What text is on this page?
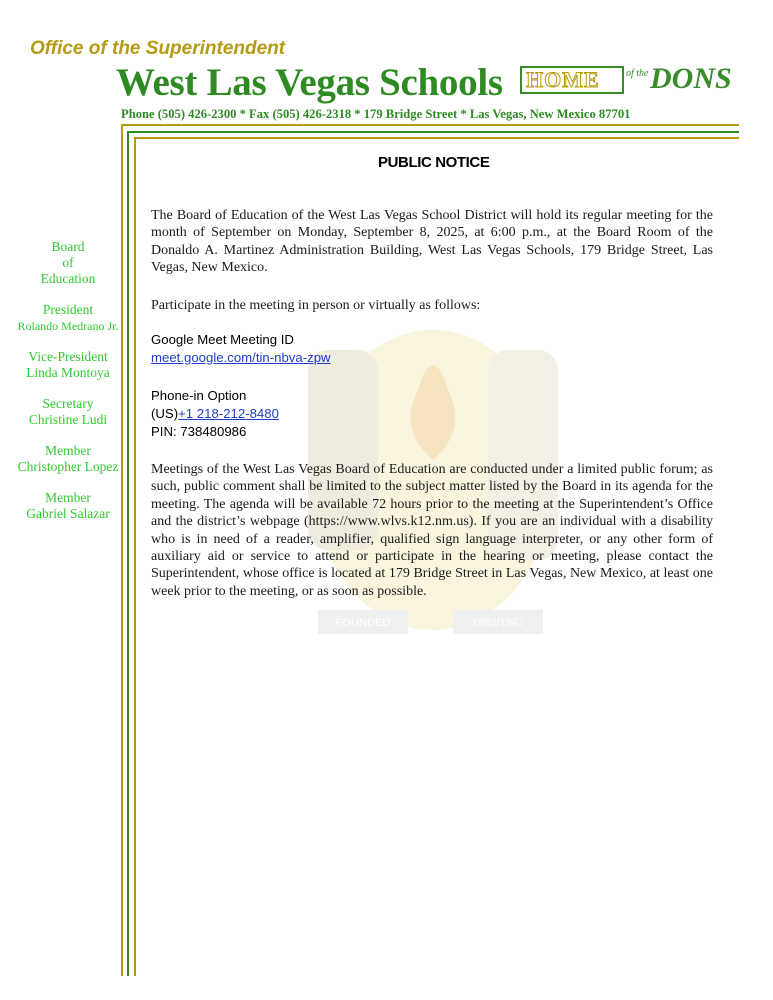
Office of the Superintendent
West Las Vegas Schools HOME	of the DONS
Phone (505) 426-2300 * Fax (505) 426-2318 * 179 Bridge Street * Las Vegas, New Mexico 87701
Board
of
Education
President
Rolando Medrano Jr.
Vice-President
Linda Montoya
Secretary
Christine Ludi
Member
Christopher Lopez
Member
Gabriel Salazar
FOUNDED	1892/1947
PUBLIC NOTICE
The Board of Education of the West Las Vegas School District will hold its regular meeting for the month of September on Monday, September 8, 2025, at 6:00 p.m., at the Board Room of the Donaldo A. Martinez Administration Building, West Las Vegas Schools, 179 Bridge Street, Las Vegas, New Mexico.
Participate in the meeting in person or virtually as follows:
Google Meet Meeting ID
meet.google.com/tin-nbva-zpw
Phone-in Option
(US)+1 218-212-8480
PIN: 738480986
Meetings of the West Las Vegas Board of Education are conducted under a limited public forum; as such, public comment shall be limited to the subject matter listed by the Board in its agenda for the meeting. The agenda will be available 72 hours prior to the meeting at the Superintendent’s Office and the district’s webpage (https://www.wlvs.k12.nm.us). If you are an individual with a disability who is in need of a reader, amplifier, qualified sign language interpreter, or any other form of auxiliary aid or service to attend or participate in the hearing or meeting, please contact the Superintendent, whose office is located at 179 Bridge Street in Las Vegas, New Mexico, at least one week prior to the meeting, or as soon as possible.
